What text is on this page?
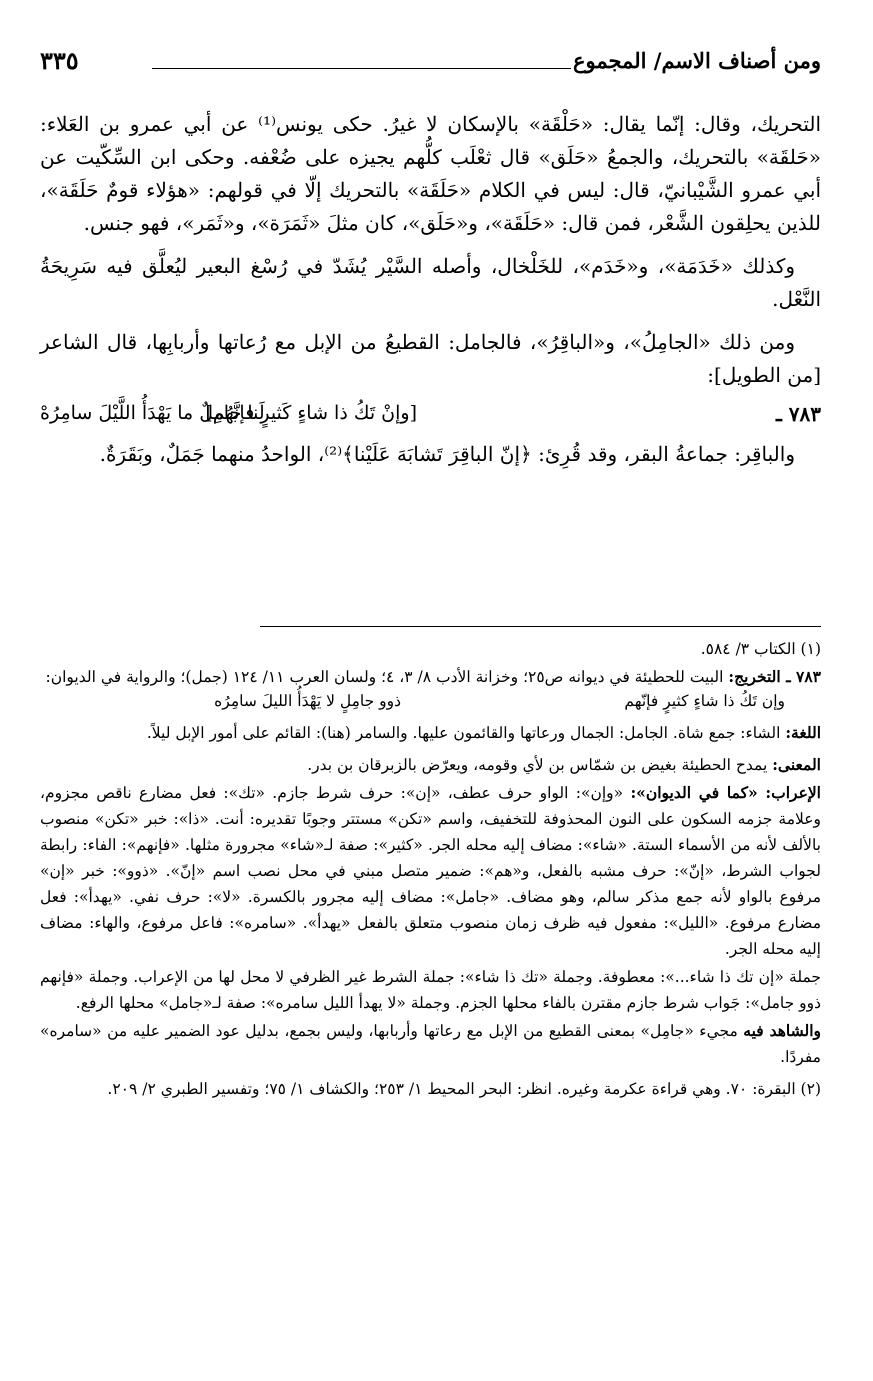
٣٣٥	ومن أصناف الاسم/ المجموع

التحريك، وقال: إنّما يقال: «حَلْقَة» بالإسكان لا غيرُ. حكى يونس⁽¹⁾ عن أبي عمرو بن العَلاء: «حَلقَة» بالتحريك، والجمعُ «حَلَق» قال ثعْلَب كلُّهم يجيزه على ضُعْفه. وحكى ابن السِّكّيت عن أبي عمرو الشَّيْبانيّ، قال: ليس في الكلام «حَلَقَة» بالتحريك إلّا في قولهم: «هؤلاء قومٌ حَلَقَة»، للذين يحلِقون الشَّعْر، فمن قال: «حَلَقَة»، و«حَلَق»، كان مثلَ «ثَمَرَة»، و«ثَمَر»، فهو جنس.

وكذلك «خَدَمَة»، و«خَدَم»، للخَلْخال، وأصله السَّيْر يُشَدّ في رُسْغ البعير ليُعلَّق فيه سَرِيحَةُ النَّعْل.

ومن ذلك «الجامِلُ»، و«الباقِرُ»، فالجامل: القطيعُ من الإبل مع رُعاتها وأربابِها، قال الشاعر [من الطويل]:

٧٨٣ ـ
[وإنْ تَكُ ذا شاءٍ كَثيرٍ فإنَّهُم]
لَنا جامِلٌ ما يَهْدَأُ اللَّيْلَ سامِرُهْ

والباقِر: جماعةُ البقر، وقد قُرِئ: ﴿إنّ الباقِرَ تَشابَهَ عَلَيْنا﴾⁽²⁾، الواحدُ منهما جَمَلٌ، وبَقَرَةٌ.

(١) الكتاب ٣/ ٥٨٤.

٧٨٣ ـ التخريج: البيت للحطيئة في ديوانه ص٢٥؛ وخزانة الأدب ٨/ ٣، ٤؛ ولسان العرب ١١/ ١٢٤ (جمل)؛ والرواية في الديوان:

وإن تَكُ ذا شاءٍ كثيرٍ فإنّهم
ذوو جامِلٍ لا يَهْدَأُ الليلَ سامِرُه

اللغة: الشاء: جمع شاة. الجامل: الجمال ورعاتها والقائمون عليها. والسامر (هنا): القائم على أمور الإبل ليلاً.

المعنى: يمدح الحطيئة بغيض بن شمّاس بن لأي وقومه، ويعرّض بالزبرقان بن بدر.

الإعراب: «كما في الديوان»: «وإن»: الواو حرف عطف، «إن»: حرف شرط جازم. «تك»: فعل مضارع ناقص مجزوم، وعلامة جزمه السكون على النون المحذوفة للتخفيف، واسم «تكن» مستتر وجوبًا تقديره: أنت. «ذا»: خبر «تكن» منصوب بالألف لأنه من الأسماء الستة. «شاء»: مضاف إليه محله الجر. «كثير»: صفة لـ«شاء» مجرورة مثلها. «فإنهم»: الفاء: رابطة لجواب الشرط، «إنّ»: حرف مشبه بالفعل، و«هم»: ضمير متصل مبني في محل نصب اسم «إنّ». «ذوو»: خبر «إن» مرفوع بالواو لأنه جمع مذكر سالم، وهو مضاف. «جامل»: مضاف إليه مجرور بالكسرة. «لا»: حرف نفي. «يهدأ»: فعل مضارع مرفوع. «الليل»: مفعول فيه ظرف زمان منصوب متعلق بالفعل «يهدأ». «سامره»: فاعل مرفوع، والهاء: مضاف إليه محله الجر.

جملة «إن تك ذا شاء...»: معطوفة. وجملة «تك ذا شاء»: جملة الشرط غير الظرفي لا محل لها من الإعراب. وجملة «فإنهم ذوو جامل»: جَواب شرط جازم مقترن بالفاء محلها الجزم. وجملة «لا يهدأ الليل سامره»: صفة لـ«جامل» محلها الرفع.

والشاهد فيه مجيء «جامِل» بمعنى القطيع من الإبل مع رعاتها وأربابها، وليس بجمع، بدليل عود الضمير عليه من «سامره» مفردًا.

(٢) البقرة: ٧٠. وهي قراءة عكرمة وغيره. انظر: البحر المحيط ١/ ٢٥٣؛ والكشاف ١/ ٧٥؛ وتفسير الطبري ٢/ ٢٠٩.
